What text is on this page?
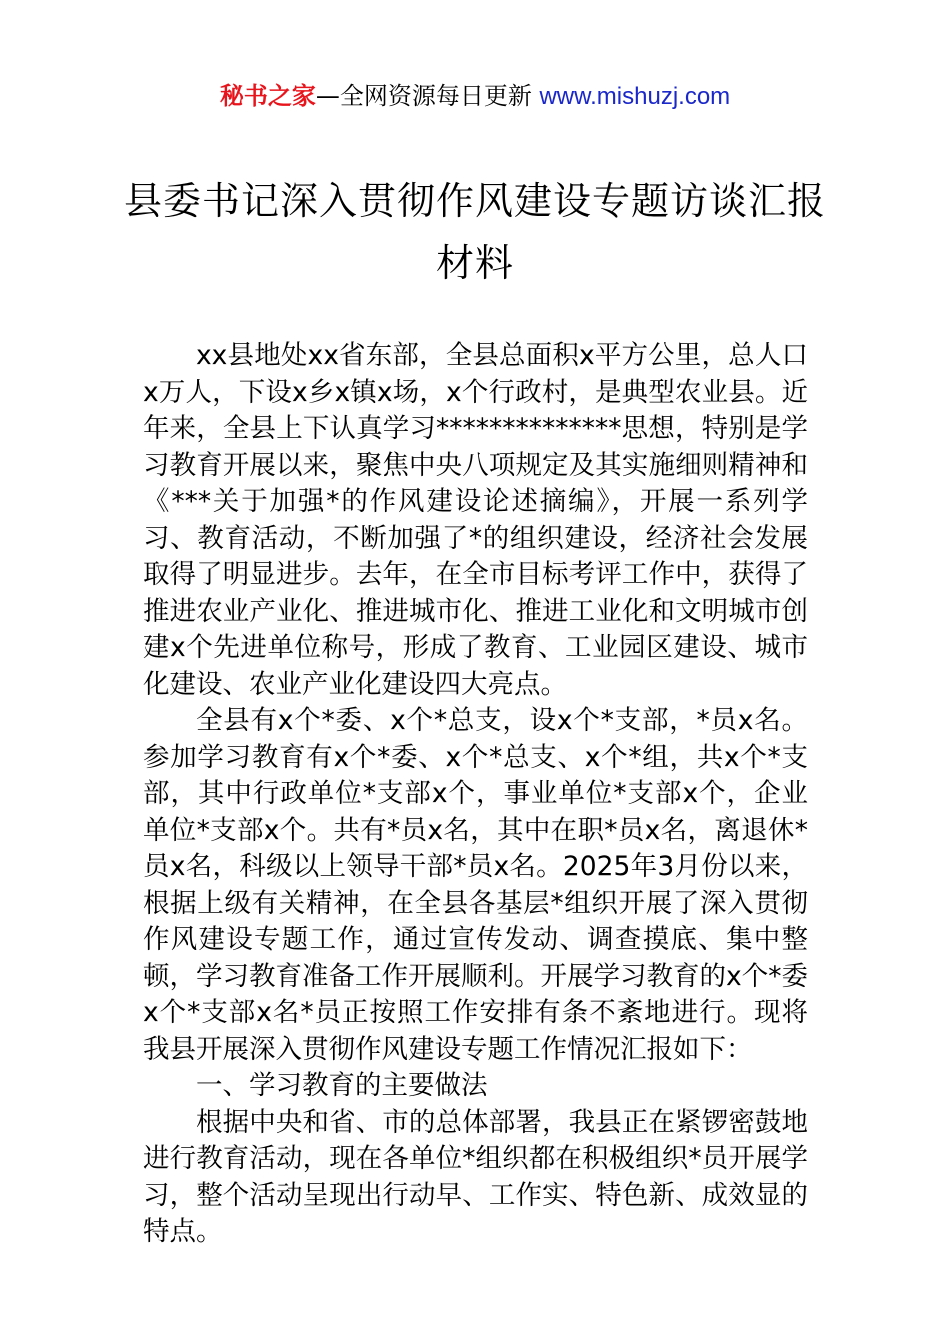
秘书之家—全网资源每日更新 www.mishuzj.com
县委书记深入贯彻作风建设专题访谈汇报材料

xx县地处xx省东部，全县总面积x平方公里，总人口x万人，下设x乡x镇x场，x个行政村，是典型农业县。近年来，全县上下认真学习**************思想，特别是学习教育开展以来，聚焦中央八项规定及其实施细则精神和《***关于加强*的作风建设论述摘编》，开展一系列学习、教育活动，不断加强了*的组织建设，经济社会发展取得了明显进步。去年，在全市目标考评工作中，获得了推进农业产业化、推进城市化、推进工业化和文明城市创建x个先进单位称号，形成了教育、工业园区建设、城市化建设、农业产业化建设四大亮点。

全县有x个*委、x个*总支，设x个*支部，*员x名。参加学习教育有x个*委、x个*总支、x个*组，共x个*支部，其中行政单位*支部x个，事业单位*支部x个，企业单位*支部x个。共有*员x名，其中在职*员x名，离退休*员x名，科级以上领导干部*员x名。2025年3月份以来，根据上级有关精神，在全县各基层*组织开展了深入贯彻作风建设专题工作，通过宣传发动、调查摸底、集中整顿，学习教育准备工作开展顺利。开展学习教育的x个*委x个*支部x名*员正按照工作安排有条不紊地进行。现将我县开展深入贯彻作风建设专题工作情况汇报如下：

一、学习教育的主要做法

根据中央和省、市的总体部署，我县正在紧锣密鼓地进行教育活动，现在各单位*组织都在积极组织*员开展学习，整个活动呈现出行动早、工作实、特色新、成效显的特点。
